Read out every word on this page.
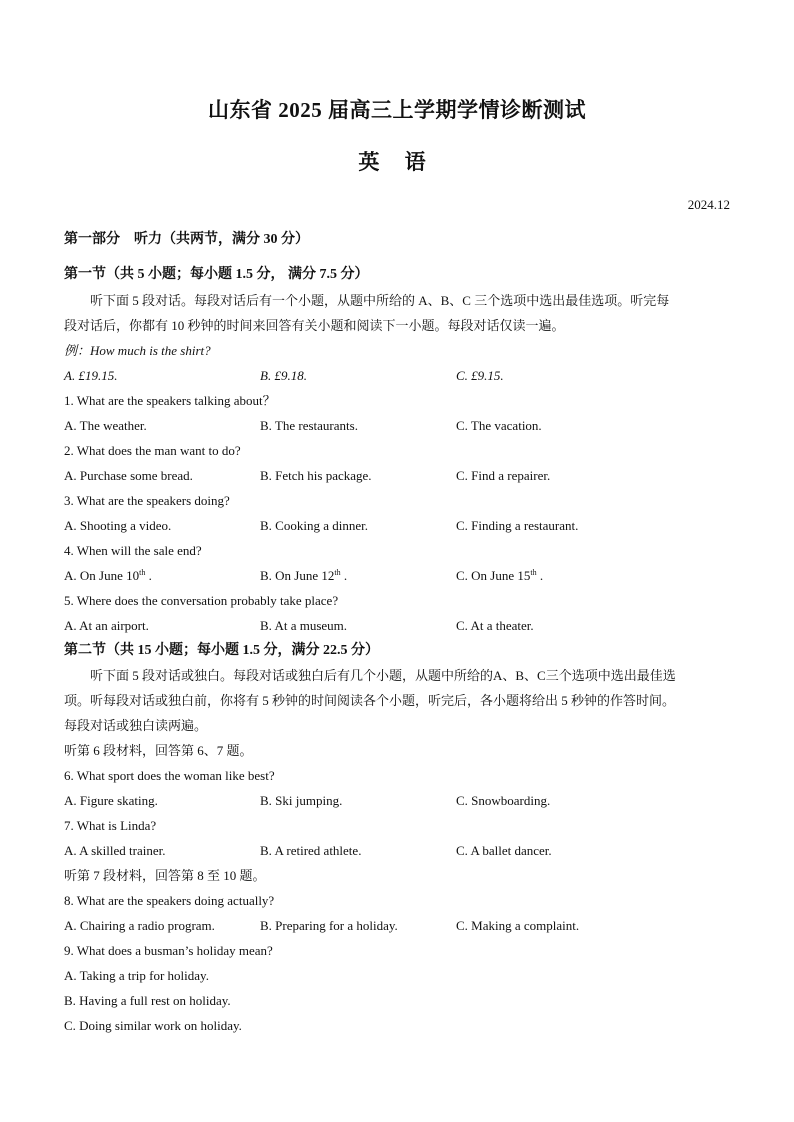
山东省 2025 届高三上学期学情诊断测试
英 语
2024.12
第一部分　听力（共两节，满分 30 分）
第一节（共 5 小题；每小题 1.5 分， 满分 7.5 分）
听下面 5 段对话。每段对话后有一个小题，从题中所给的 A、B、C 三个选项中选出最佳选项。听完每
段对话后，你都有 10 秒钟的时间来回答有关小题和阅读下一小题。每段对话仅读一遍。
例：How much is the shirt?
A. £19.15.	B. £9.18.	C. £9.15.
1. What are the speakers talking about？
A. The weather.	B. The restaurants.	C. The vacation.
2. What does the man want to do?
A. Purchase some bread.	B. Fetch his package.	C. Find a repairer.
3. What are the speakers doing?
A. Shooting a video.	B. Cooking a dinner.	C. Finding a restaurant.
4. When will the sale end?
A. On June 10th .	B. On June 12th .	C. On June 15th .
5. Where does the conversation probably take place?
A. At an airport.	B. At a museum.	C. At a theater.
第二节（共 15 小题；每小题 1.5 分，满分 22.5 分）
听下面 5 段对话或独白。每段对话或独白后有几个小题，从题中所给的A、B、C三个选项中选出最佳选
项。听每段对话或独白前，你将有 5 秒钟的时间阅读各个小题，听完后，各小题将给出 5 秒钟的作答时间。
每段对话或独白读两遍。
听第 6 段材料，回答第 6、7 题。
6. What sport does the woman like best?
A. Figure skating.	B. Ski jumping.	C. Snowboarding.
7. What is Linda?
A. A skilled trainer.	B. A retired athlete.	C. A ballet dancer.
听第 7 段材料，回答第 8 至 10 题。
8. What are the speakers doing actually?
A. Chairing a radio program.	B. Preparing for a holiday.	C. Making a complaint.
9. What does a busman’s holiday mean?
A. Taking a trip for holiday.
B. Having a full rest on holiday.
C. Doing similar work on holiday.
